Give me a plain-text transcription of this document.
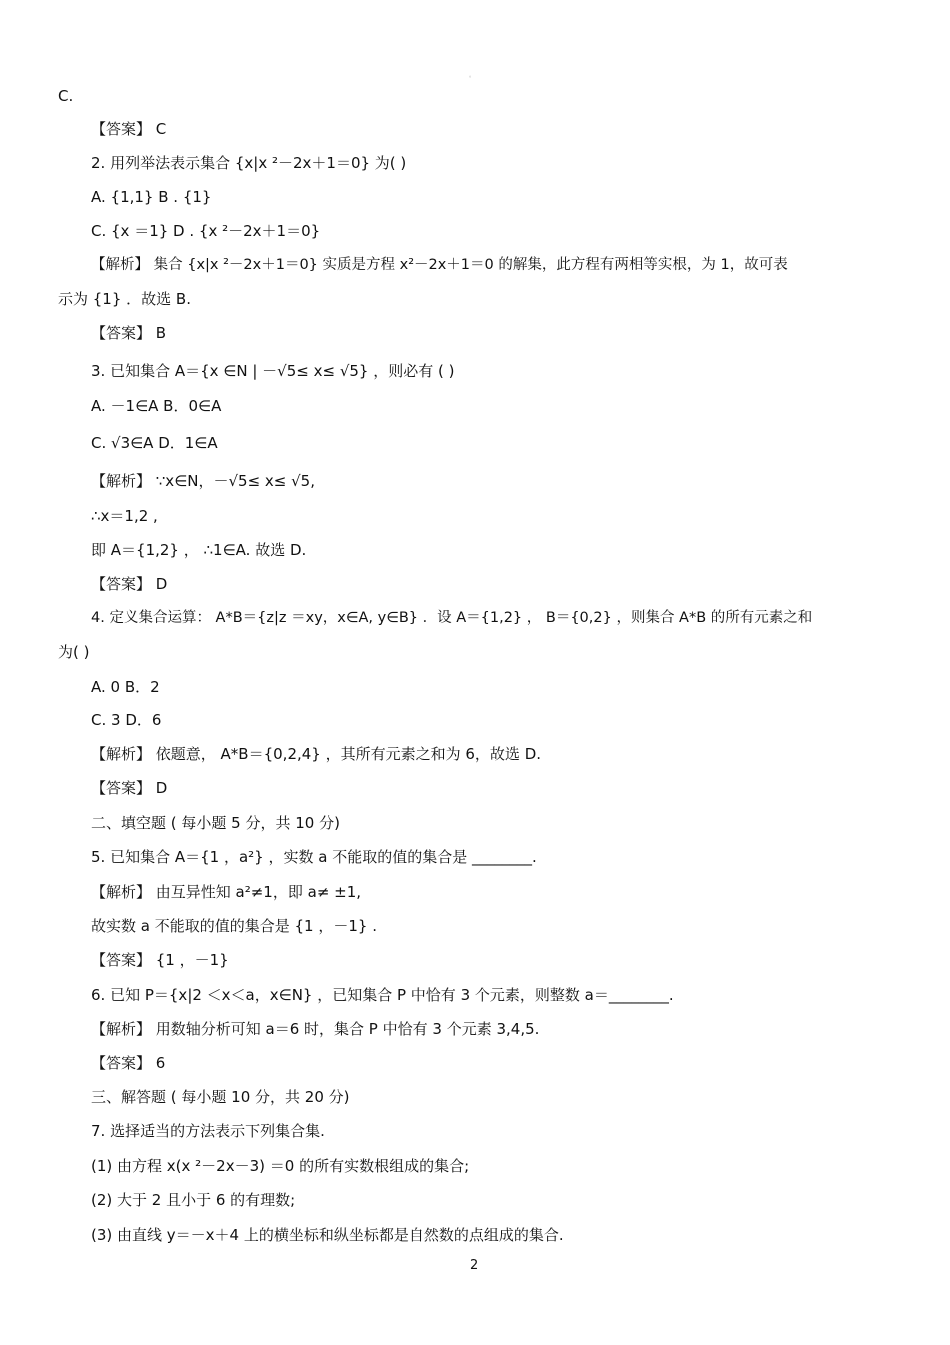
。
C.
【答案】 C
2. 用列举法表示集合 {x|x ²－2x＋1＝0} 为( )
A. {1,1} B . {1}
C. {x ＝1} D . {x ²－2x＋1＝0}
【解析】 集合 {x|x ²－2x＋1＝0} 实质是方程 x²－2x＋1＝0 的解集，此方程有两相等实根，为 1，故可表
示为 {1} ．故选 B.
【答案】 B
3. 已知集合 A＝{x ∈N | －√5≤ x≤ √5} ，则必有 ( )
A. －1∈A B．0∈A
C. √3∈A D．1∈A
【解析】 ∵x∈N，－√5≤ x≤ √5,
∴x＝1,2 ,
即 A＝{1,2} ， ∴1∈A. 故选 D.
【答案】 D
4. 定义集合运算： A*B＝{z|z ＝xy，x∈A, y∈B} ．设 A＝{1,2} ， B＝{0,2} ，则集合 A*B 的所有元素之和
为( )
A. 0 B．2
C. 3 D．6
【解析】 依题意， A*B＝{0,2,4} ，其所有元素之和为 6，故选 D.
【答案】 D
二、填空题 ( 每小题 5 分，共 10 分)
5. 已知集合 A＝{1 ，a²} ，实数 a 不能取的值的集合是 ________.
【解析】 由互异性知 a²≠1，即 a≠ ±1,
故实数 a 不能取的值的集合是 {1 ，－1} .
【答案】 {1 ，－1}
6. 已知 P＝{x|2 ＜x＜a，x∈N} ，已知集合 P 中恰有 3 个元素，则整数 a＝________.
【解析】 用数轴分析可知 a＝6 时，集合 P 中恰有 3 个元素 3,4,5.
【答案】 6
三、解答题 ( 每小题 10 分，共 20 分)
7. 选择适当的方法表示下列集合集.
(1) 由方程 x(x ²－2x－3) ＝0 的所有实数根组成的集合;
(2) 大于 2 且小于 6 的有理数;
(3) 由直线 y＝－x＋4 上的横坐标和纵坐标都是自然数的点组成的集合.
2
